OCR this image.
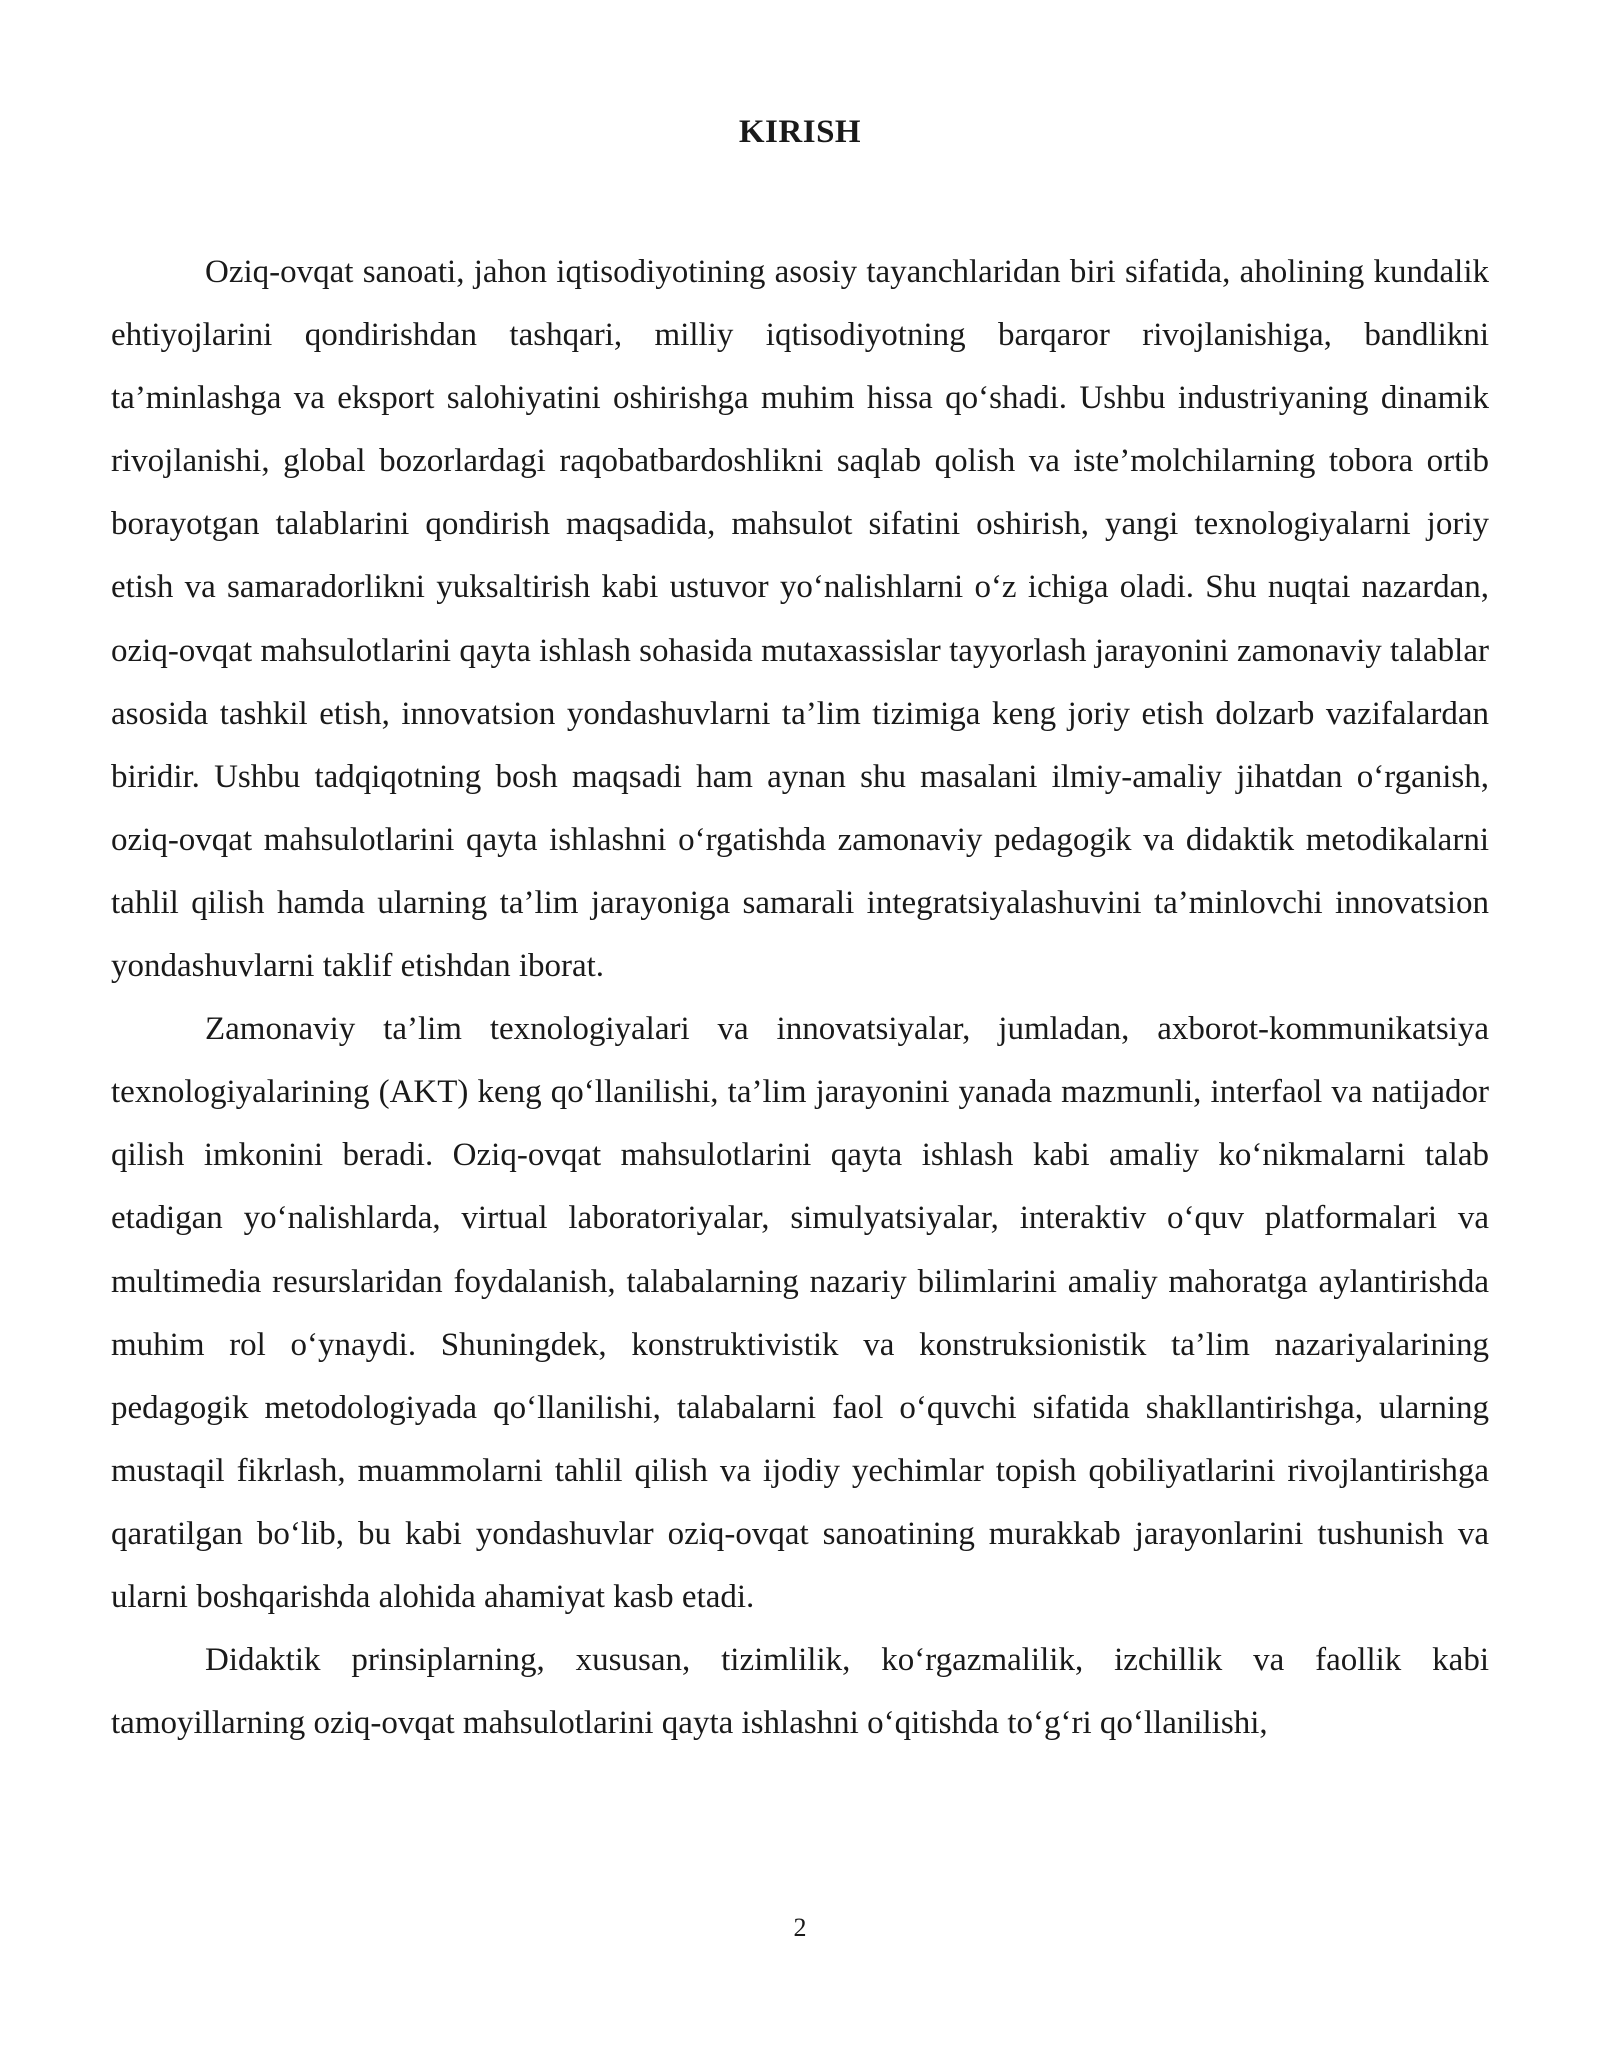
KIRISH

Oziq-ovqat sanoati, jahon iqtisodiyotining asosiy tayanchlaridan biri sifatida, aholining kundalik ehtiyojlarini qondirishdan tashqari, milliy iqtisodiyotning barqaror rivojlanishiga, bandlikni ta’minlashga va eksport salohiyatini oshirishga muhim hissa qo‘shadi. Ushbu industriyaning dinamik rivojlanishi, global bozorlardagi raqobatbardoshlikni saqlab qolish va iste’molchilarning tobora ortib borayotgan talablarini qondirish maqsadida, mahsulot sifatini oshirish, yangi texnologiyalarni joriy etish va samaradorlikni yuksaltirish kabi ustuvor yo‘nalishlarni o‘z ichiga oladi. Shu nuqtai nazardan, oziq-ovqat mahsulotlarini qayta ishlash sohasida mutaxassislar tayyorlash jarayonini zamonaviy talablar asosida tashkil etish, innovatsion yondashuvlarni ta’lim tizimiga keng joriy etish dolzarb vazifalardan biridir. Ushbu tadqiqotning bosh maqsadi ham aynan shu masalani ilmiy-amaliy jihatdan o‘rganish, oziq-ovqat mahsulotlarini qayta ishlashni o‘rgatishda zamonaviy pedagogik va didaktik metodikalarni tahlil qilish hamda ularning ta’lim jarayoniga samarali integratsiyalashuvini ta’minlovchi innovatsion yondashuvlarni taklif etishdan iborat.

Zamonaviy ta’lim texnologiyalari va innovatsiyalar, jumladan, axborot-kommunikatsiya texnologiyalarining (AKT) keng qo‘llanilishi, ta’lim jarayonini yanada mazmunli, interfaol va natijador qilish imkonini beradi. Oziq-ovqat mahsulotlarini qayta ishlash kabi amaliy ko‘nikmalarni talab etadigan yo‘nalishlarda, virtual laboratoriyalar, simulyatsiyalar, interaktiv o‘quv platformalari va multimedia resurslaridan foydalanish, talabalarning nazariy bilimlarini amaliy mahoratga aylantirishda muhim rol o‘ynaydi. Shuningdek, konstruktivistik va konstruksionistik ta’lim nazariyalarining pedagogik metodologiyada qo‘llanilishi, talabalarni faol o‘quvchi sifatida shakllantirishga, ularning mustaqil fikrlash, muammolarni tahlil qilish va ijodiy yechimlar topish qobiliyatlarini rivojlantirishga qaratilgan bo‘lib, bu kabi yondashuvlar oziq-ovqat sanoatining murakkab jarayonlarini tushunish va ularni boshqarishda alohida ahamiyat kasb etadi.

Didaktik prinsiplarning, xususan, tizimlilik, ko‘rgazmalilik, izchillik va faollik kabi tamoyillarning oziq-ovqat mahsulotlarini qayta ishlashni o‘qitishda to‘g‘ri qo‘llanilishi,

2
